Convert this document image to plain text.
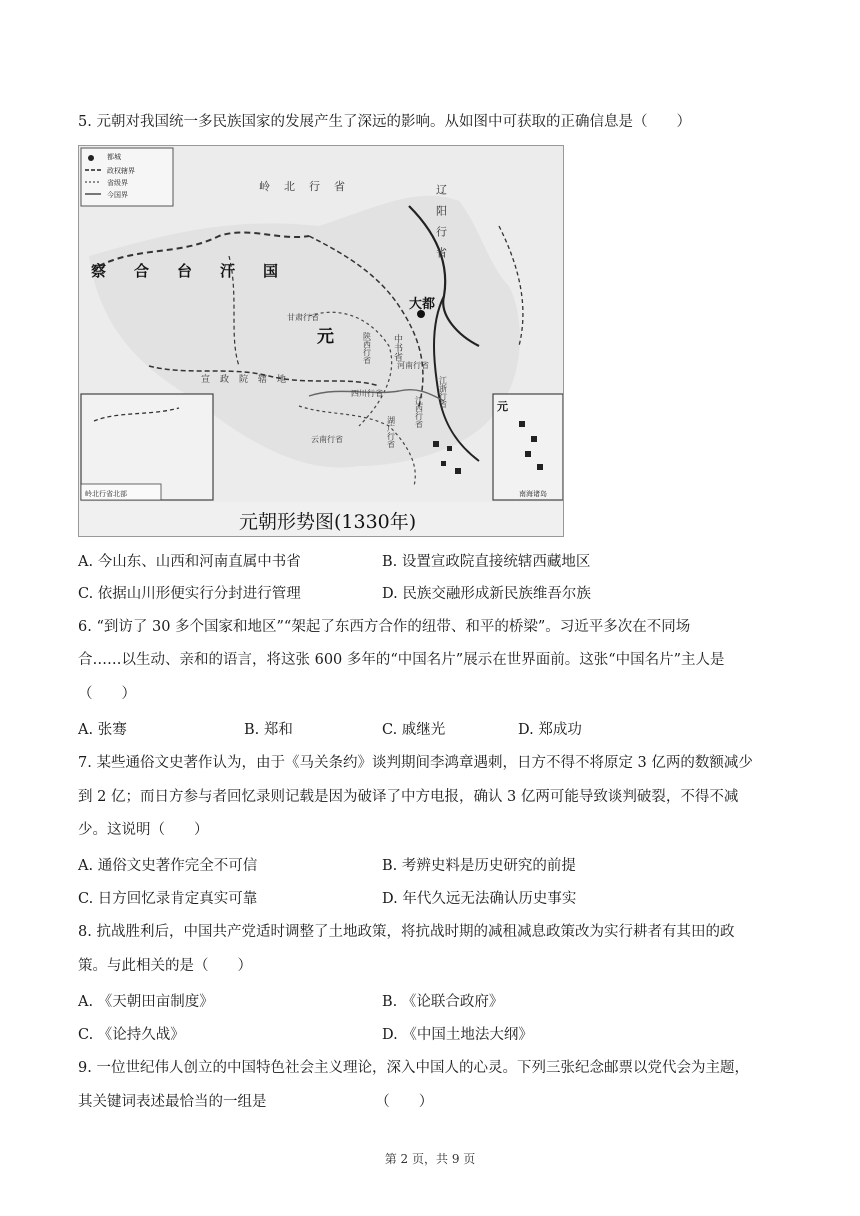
5. 元朝对我国统一多民族国家的发展产生了深远的影响。从如图中可获取的正确信息是（　　）
都城
政权辖界
省级界
今国界
岭北行省	辽阳行省
察合台汗国
大都
中书省
元
甘肃行省
陕西行省
河南行省
宣政院辖地
四川行省
云南行省	湖广行省
江西行省
江浙行省
岭北行省北部	南海诸岛
元
元朝形势图(1330年)
A. 今山东、山西和河南直属中书省	B. 设置宣政院直接统辖西藏地区
C. 依据山川形便实行分封进行管理	D. 民族交融形成新民族维吾尔族
6. “到访了 30 多个国家和地区”“架起了东西方合作的纽带、和平的桥梁”。习近平多次在不同场
合……以生动、亲和的语言，将这张 600 多年的“中国名片”展示在世界面前。这张“中国名片”主人是
（　　）
A. 张骞	B. 郑和	C. 戚继光	D. 郑成功
7. 某些通俗文史著作认为，由于《马关条约》谈判期间李鸿章遇刺，日方不得不将原定 3 亿两的数额减少
到 2 亿；而日方参与者回忆录则记载是因为破译了中方电报，确认 3 亿两可能导致谈判破裂，不得不减
少。这说明（　　）
A. 通俗文史著作完全不可信	B. 考辨史料是历史研究的前提
C. 日方回忆录肯定真实可靠	D. 年代久远无法确认历史事实
8. 抗战胜利后，中国共产党适时调整了土地政策，将抗战时期的减租减息政策改为实行耕者有其田的政
策。与此相关的是（　　）
A. 《天朝田亩制度》	B. 《论联合政府》
C. 《论持久战》	D. 《中国土地法大纲》
9. 一位世纪伟人创立的中国特色社会主义理论，深入中国人的心灵。下列三张纪念邮票以党代会为主题，
其关键词表述最恰当的一组是　　　　　　　　（　　）
第 2 页，共 9 页
